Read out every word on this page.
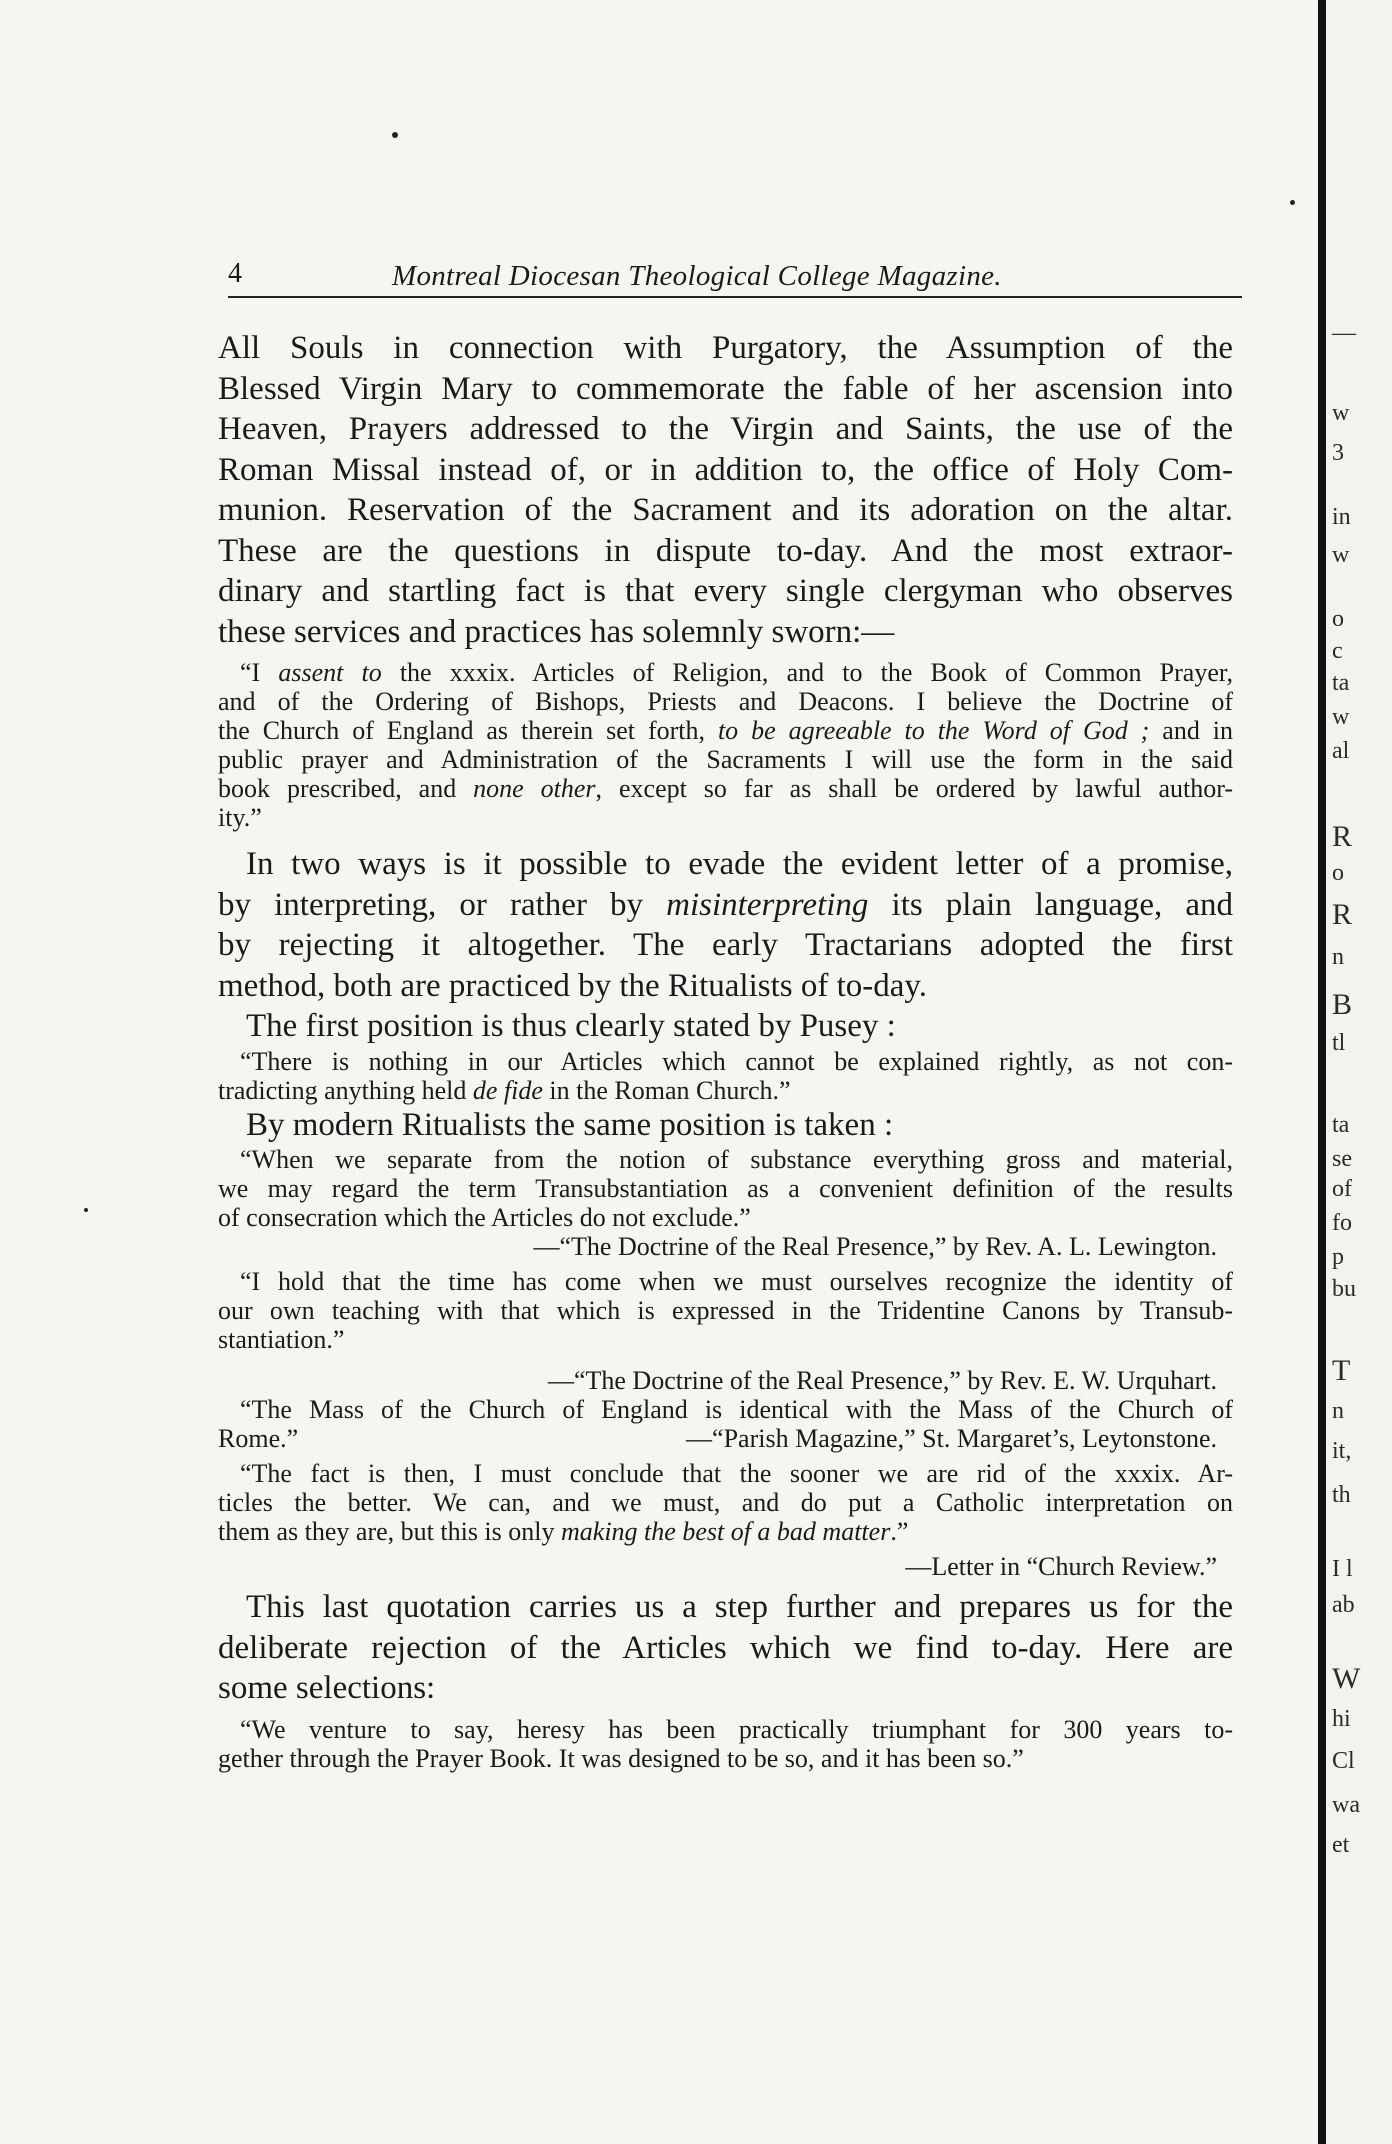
4	Montreal Diocesan Theological College Magazine.
All Souls in connection with Purgatory, the Assumption of the
Blessed Virgin Mary to commemorate the fable of her ascension into
Heaven, Prayers addressed to the Virgin and Saints, the use of the
Roman Missal instead of, or in addition to, the office of Holy Com-
munion. Reservation of the Sacrament and its adoration on the altar.
These are the questions in dispute to-day. And the most extraor-
dinary and startling fact is that every single clergyman who observes
these services and practices has solemnly sworn:—
“I assent to the xxxix. Articles of Religion, and to the Book of Common Prayer,
and of the Ordering of Bishops, Priests and Deacons. I believe the Doctrine of
the Church of England as therein set forth, to be agreeable to the Word of God ; and in
public prayer and Administration of the Sacraments I will use the form in the said
book prescribed, and none other, except so far as shall be ordered by lawful author-
ity.”
In two ways is it possible to evade the evident letter of a promise,
by interpreting, or rather by misinterpreting its plain language, and
by rejecting it altogether. The early Tractarians adopted the first
method, both are practiced by the Ritualists of to-day.
The first position is thus clearly stated by Pusey :
“There is nothing in our Articles which cannot be explained rightly, as not con-
tradicting anything held de fide in the Roman Church.”
By modern Ritualists the same position is taken :
“When we separate from the notion of substance everything gross and material,
we may regard the term Transubstantiation as a convenient definition of the results
of consecration which the Articles do not exclude.”
—“The Doctrine of the Real Presence,” by Rev. A. L. Lewington.
“I hold that the time has come when we must ourselves recognize the identity of
our own teaching with that which is expressed in the Tridentine Canons by Transub-
stantiation.”
—“The Doctrine of the Real Presence,” by Rev. E. W. Urquhart.
“The Mass of the Church of England is identical with the Mass of the Church of
Rome.”	—“Parish Magazine,” St. Margaret’s, Leytonstone.
“The fact is then, I must conclude that the sooner we are rid of the xxxix. Ar-
ticles the better. We can, and we must, and do put a Catholic interpretation on
them as they are, but this is only making the best of a bad matter.”
—Letter in “Church Review.”
This last quotation carries us a step further and prepares us for the
deliberate rejection of the Articles which we find to-day. Here are
some selections:
“We venture to say, heresy has been practically triumphant for 300 years to-
gether through the Prayer Book. It was designed to be so, and it has been so.”
—
w
3
in
w
o
c
ta
w
al
R
o
R
n
B
tl
ta
se
of
fo
p
bu
T
n
it,
th
I l
ab
W
hi
Cl
wa
et
